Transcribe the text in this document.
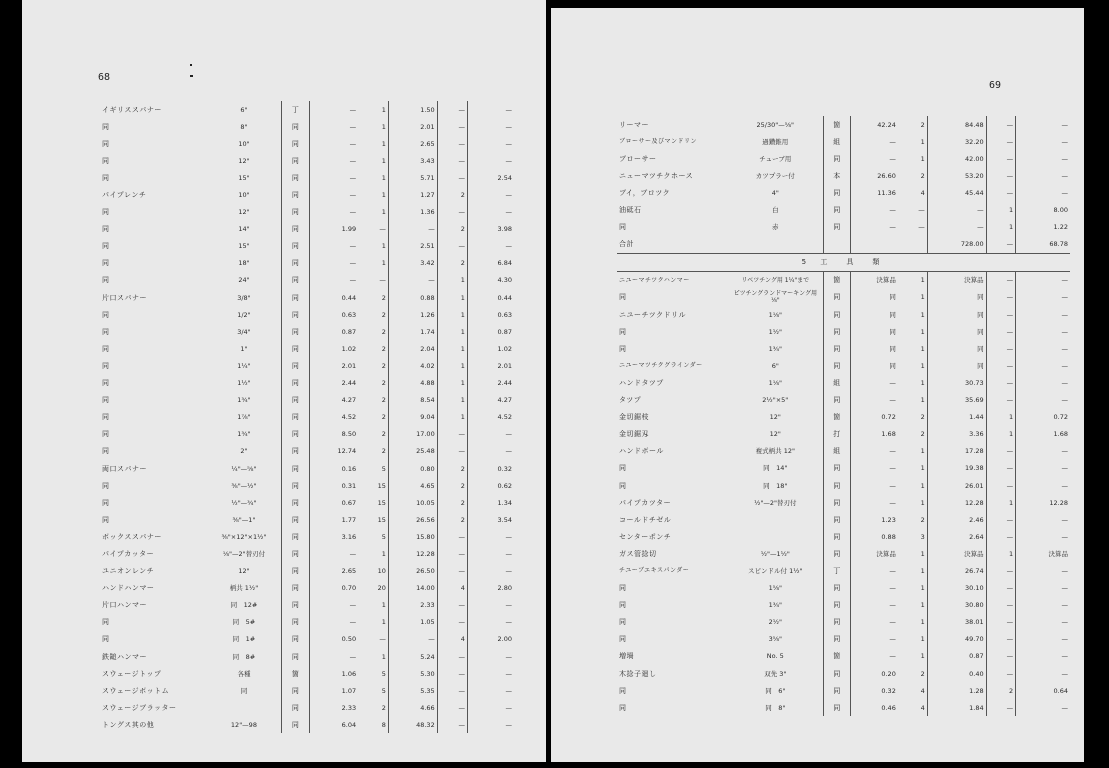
68
イギリススパナー	6"	丁	—	1	1.50	—	—
同	8"	同	—	1	2.01	—	—
同	10"	同	—	1	2.65	—	—
同	12"	同	—	1	3.43	—	—
同	15"	同	—	1	5.71	—	2.54
パイプレンチ	10"	同	—	1	1.27	2	—
同	12"	同	—	1	1.36	—	—
同	14"	同	1.99	—	—	2	3.98
同	15"	同	—	1	2.51	—	—
同	18"	同	—	1	3.42	2	6.84
同	24"	同	—	—	—	1	4.30
片口スパナー	3/8"	同	0.44	2	0.88	1	0.44
同	1/2"	同	0.63	2	1.26	1	0.63
同	3/4"	同	0.87	2	1.74	1	0.87
同	1"	同	1.02	2	2.04	1	1.02
同	1¼"	同	2.01	2	4.02	1	2.01
同	1½"	同	2.44	2	4.88	1	2.44
同	1¾"	同	4.27	2	8.54	1	4.27
同	1⅞"	同	4.52	2	9.04	1	4.52
同	1¾"	同	8.50	2	17.00	—	—
同	2"	同	12.74	2	25.48	—	—
両口スパナー	¼"—⅝"	同	0.16	5	0.80	2	0.32
同	⅜"—½"	同	0.31	15	4.65	2	0.62
同	½"—¾"	同	0.67	15	10.05	2	1.34
同	⅜"—1"	同	1.77	15	26.56	2	3.54
ボックススパナー	⅜"×12"×1½"	同	3.16	5	15.80	—	—
パイプカッター	⅛"—2"替刃付	同	—	1	12.28	—	—
ユニオンレンチ	12"	同	2.65	10	26.50	—	—
ハンドハンマー	柄共 1½"	同	0.70	20	14.00	4	2.80
片口ハンマー	同　12#	同	—	1	2.33	—	—
同	同　5#	同	—	1	1.05	—	—
同	同　1#	同	0.50	—	—	4	2.00
鉄鎚ハンマー	同　8#	同	—	1	5.24	—	—
スウェージトップ	各種	箇	1.06	5	5.30	—	—
スウェージボットム	同	同	1.07	5	5.35	—	—
スウェージブラッター		同	2.33	2	4.66	—	—
トングス其の他	12"—98	同	6.04	8	48.32	—	—
69
リーマー	25/30"—⅝"	箇	42.24	2	84.48	—	—
ブローサー及びマンドリン	過鑽錐用	組	—	1	32.20	—	—
ブローサー	チューブ用	同	—	1	42.00	—	—
ニューマツチクホース	カツプラー付	本	26.60	2	53.20	—	—
ブイ，ブロツク	4"	同	11.36	4	45.44	—	—
油砥石	白	同	—	—	—	1	8.00
同	赤	同	—	—	—	1	1.22
合計					728.00	—	68.78
5 工　具　類							
ニユーマチツクハンマー	リベツチング用 1¼"まで	箇	決算品	1	決算品	—	—
同	ピツチングランドマーキング用⅛"	同	同	1	同	—	—
ニユーチツクドリル	1⅛"	同	同	1	同	—	—
同	1½"	同	同	1	同	—	—
同	1¾"	同	同	1	同	—	—
ニユーマツチクグラインダー	6"	同	同	1	同	—	—
ハンドタツプ	1⅛"	組	—	1	30.73	—	—
タツプ	2½"×5"	同	—	1	35.69	—	—
金切鋸枝	12"	箇	0.72	2	1.44	1	0.72
金切鋸刄	12"	打	1.68	2	3.36	1	1.68
ハンドボール	複式柄共 12"	組	—	1	17.28	—	—
同	同　14"	同	—	1	19.38	—	—
同	同　18"	同	—	1	26.01	—	—
パイプカツター	½"—2"替刃付	同	—	1	12.28	1	12.28
コールドチゼル		同	1.23	2	2.46	—	—
センターポンチ		同	0.88	3	2.64	—	—
ガス管捻切	½"—1½"	同	決算品	1	決算品	1	決算品
チユーブエキスパンダー	スピンドル付 1½"	丁	—	1	26.74	—	—
同	1⅝"	同	—	1	30.10	—	—
同	1¾"	同	—	1	30.80	—	—
同	2½"	同	—	1	38.01	—	—
同	3⅝"	同	—	1	49.70	—	—
増堝	No. 5	箇	—	1	0.87	—	—
木捻子廻し	双先 3"	同	0.20	2	0.40	—	—
同	同　6"	同	0.32	4	1.28	2	0.64
同	同　8"	同	0.46	4	1.84	—	—
